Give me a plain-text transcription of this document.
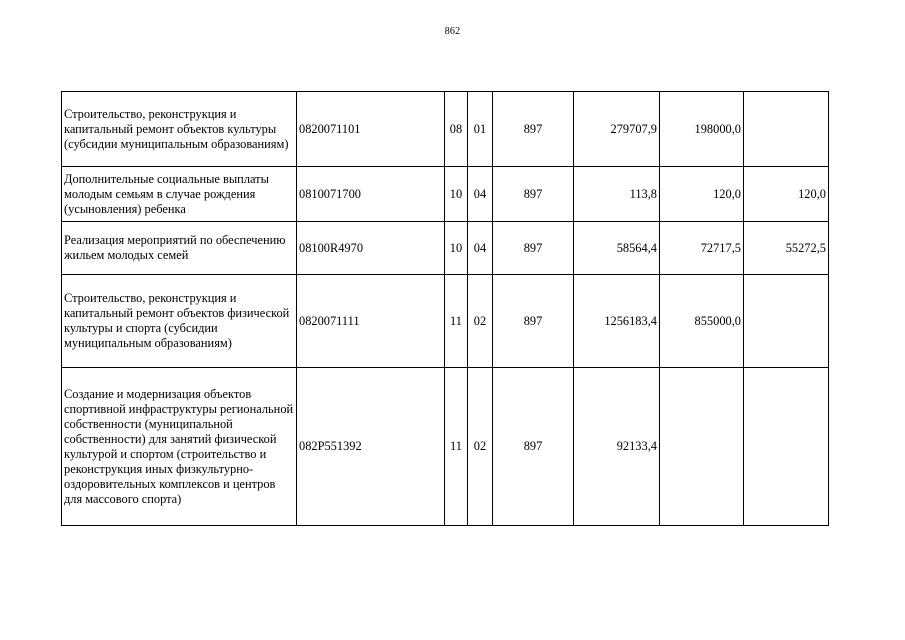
862
Строительство, реконструкция и капитальный ремонт объектов культуры (субсидии муниципальным образованиям)	0820071101	08	01	897	279707,9	198000,0	
Дополнительные социальные выплаты молодым семьям в случае рождения (усыновления) ребенка	0810071700	10	04	897	113,8	120,0	120,0
Реализация мероприятий по обеспечению жильем молодых семей	08100R4970	10	04	897	58564,4	72717,5	55272,5
Строительство, реконструкция и капитальный ремонт объектов физической культуры и спорта (субсидии муниципальным образованиям)	0820071111	11	02	897	1256183,4	855000,0	
Создание и модернизация объектов спортивной инфраструктуры региональной собственности (муниципальной собственности) для занятий физической культурой и спортом (строительство и реконструкция иных физкультурно-оздоровительных комплексов и центров для массового спорта)	082P551392	11	02	897	92133,4		
